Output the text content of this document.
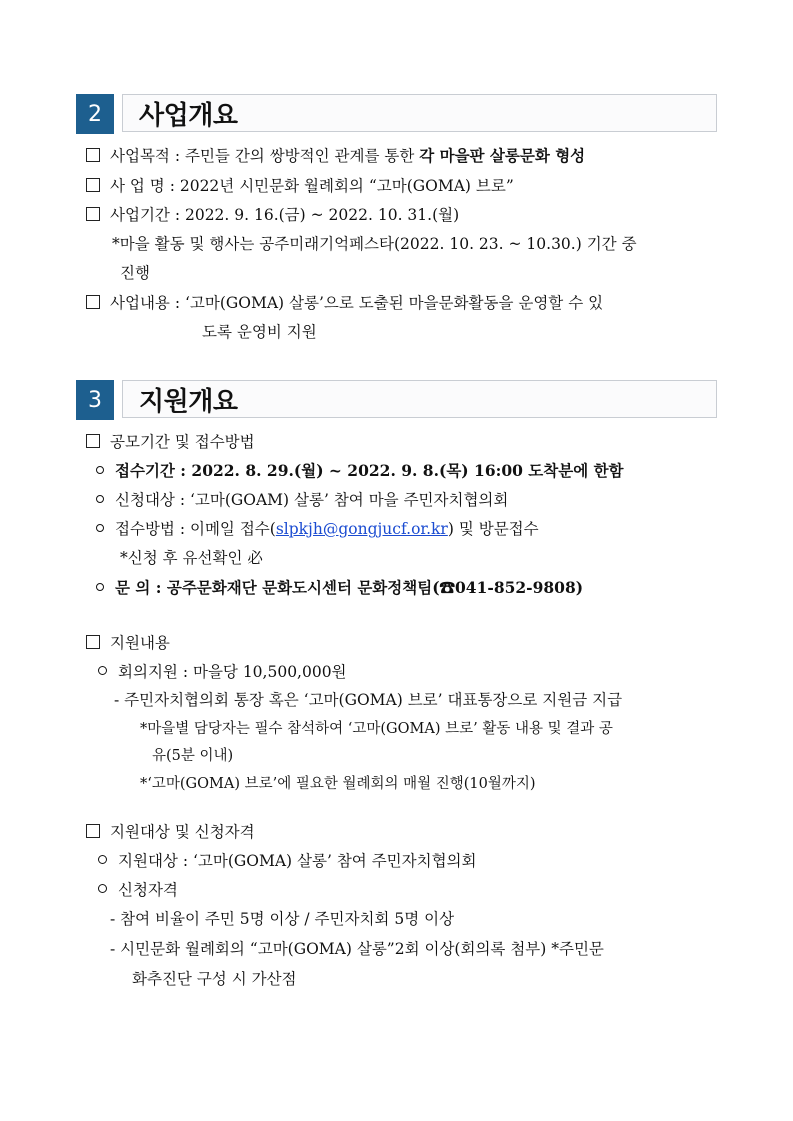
2	사업개요
사업목적 : 주민들 간의 쌍방적인 관계를 통한 각 마을판 살롱문화 형성
사 업 명 : 2022년 시민문화 월례회의 “고마(GOMA) 브로”
사업기간 : 2022. 9. 16.(금) ~ 2022. 10. 31.(월)
*마을 활동 및 행사는 공주미래기억페스타(2022. 10. 23. ~ 10.30.) 기간 중
진행
사업내용 : ‘고마(GOMA) 살롱’으로 도출된 마을문화활동을 운영할 수 있
도록 운영비 지원
3	지원개요
공모기간 및 접수방법
접수기간 : 2022. 8. 29.(월) ~ 2022. 9. 8.(목) 16:00 도착분에 한함
신청대상 : ‘고마(GOAM) 살롱’ 참여 마을 주민자치협의회
접수방법 : 이메일 접수(slpkjh@gongjucf.or.kr) 및 방문접수
*신청 후 유선확인 必
문 의 : 공주문화재단 문화도시센터 문화정책팀(☎041-852-9808)
지원내용
회의지원 : 마을당 10,500,000원
- 주민자치협의회 통장 혹은 ‘고마(GOMA) 브로’ 대표통장으로 지원금 지급
*마을별 담당자는 필수 참석하여 ‘고마(GOMA) 브로’ 활동 내용 및 결과 공
유(5분 이내)
*‘고마(GOMA) 브로’에 필요한 월례회의 매월 진행(10월까지)
지원대상 및 신청자격
지원대상 : ‘고마(GOMA) 살롱’ 참여 주민자치협의회
신청자격
- 참여 비율이 주민 5명 이상 / 주민자치회 5명 이상
- 시민문화 월례회의 “고마(GOMA) 살롱”2회 이상(회의록 첨부) *주민문
화추진단 구성 시 가산점
